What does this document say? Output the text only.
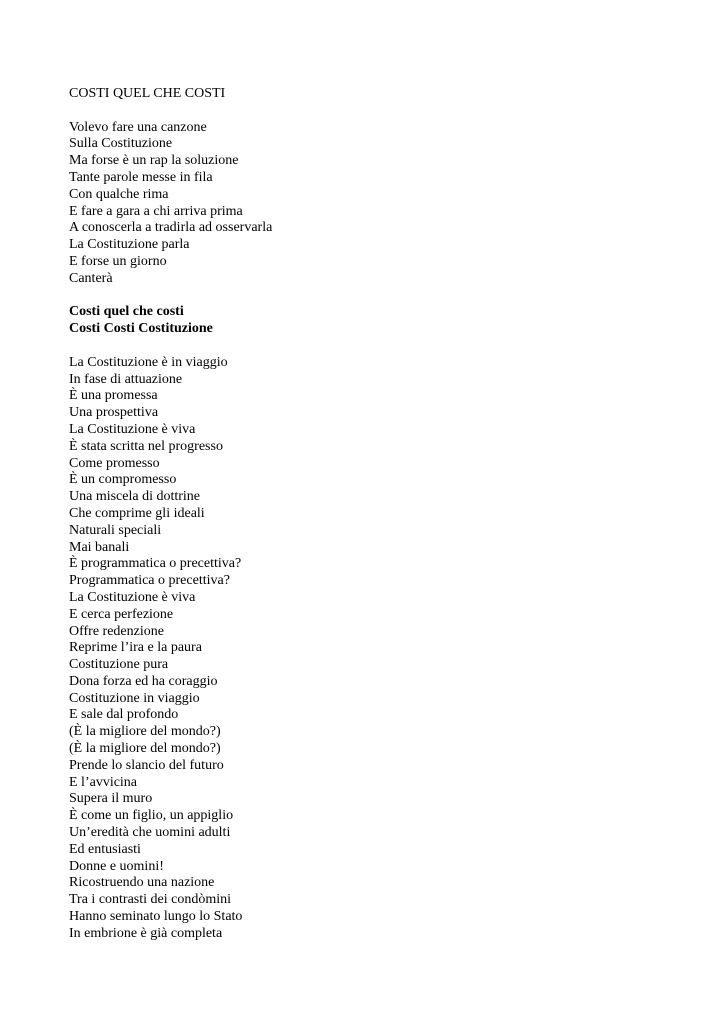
COSTI QUEL CHE COSTI
Volevo fare una canzone
Sulla Costituzione
Ma forse è un rap la soluzione
Tante parole messe in fila
Con qualche rima
E fare a gara a chi arriva prima
A conoscerla a tradirla ad osservarla
La Costituzione parla
E forse un giorno
Canterà
Costi quel che costi
Costi Costi Costituzione
La Costituzione è in viaggio
In fase di attuazione
È una promessa
Una prospettiva
La Costituzione è viva
È stata scritta nel progresso
Come promesso
È un compromesso
Una miscela di dottrine
Che comprime gli ideali
Naturali speciali
Mai banali
È programmatica o precettiva?
Programmatica o precettiva?
La Costituzione è viva
E cerca perfezione
Offre redenzione
Reprime l’ira e la paura
Costituzione pura
Dona forza ed ha coraggio
Costituzione in viaggio
E sale dal profondo
(È la migliore del mondo?)
(È la migliore del mondo?)
Prende lo slancio del futuro
E l’avvicina
Supera il muro
È come un figlio, un appiglio
Un’eredità che uomini adulti
Ed entusiasti
Donne e uomini!
Ricostruendo una nazione
Tra i contrasti dei condòmini
Hanno seminato lungo lo Stato
In embrione è già completa
